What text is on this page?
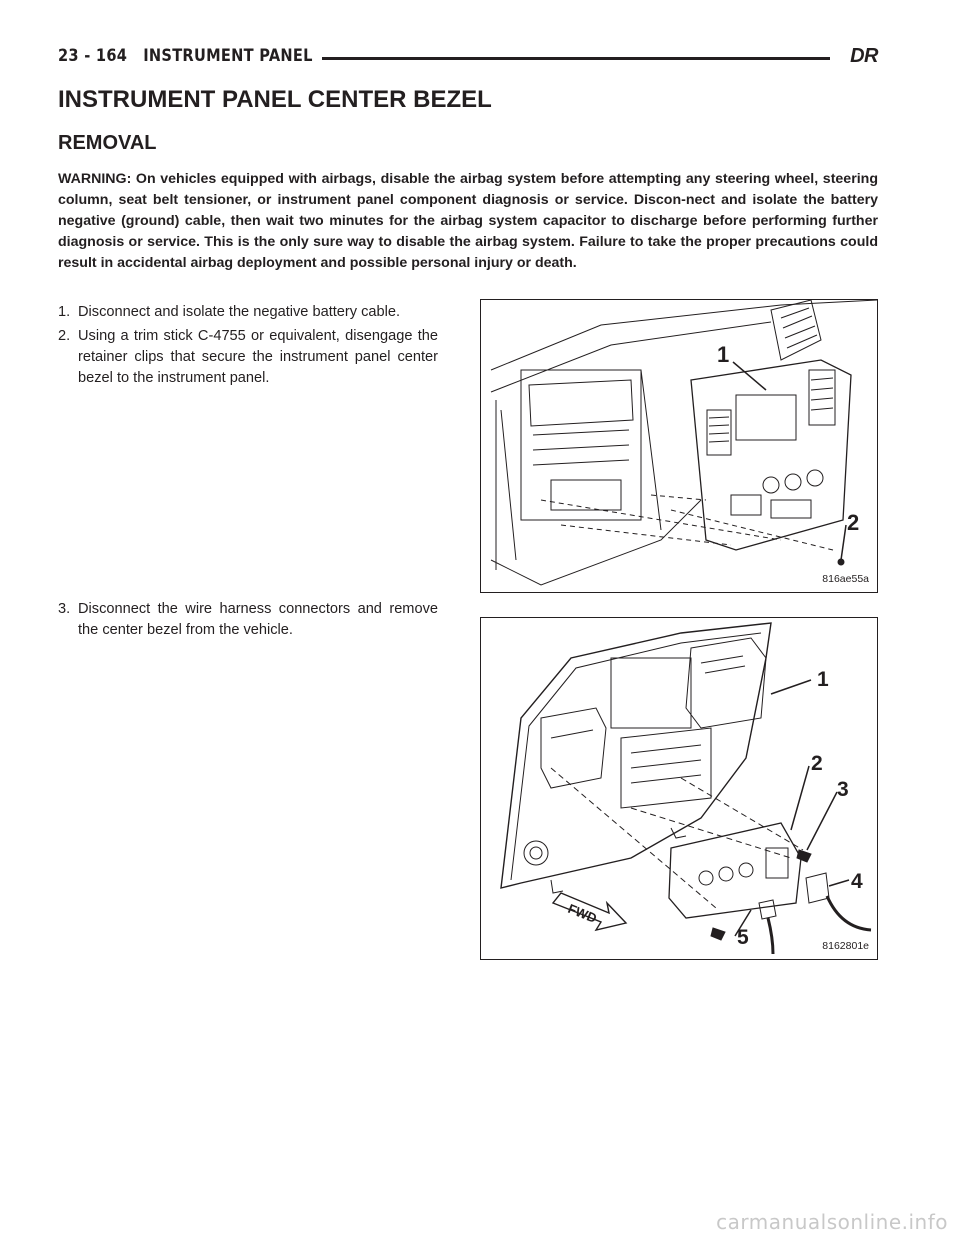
23 - 164 INSTRUMENT PANEL	DR
INSTRUMENT PANEL CENTER BEZEL
REMOVAL

WARNING: On vehicles equipped with airbags, disable the airbag system before attempting any steering wheel, steering column, seat belt tensioner, or instrument panel component diagnosis or service. Discon-nect and isolate the battery negative (ground) cable, then wait two minutes for the airbag system capacitor to discharge before performing further diagnosis or service. This is the only sure way to disable the airbag system. Failure to take the proper precautions could result in accidental airbag deployment and possible personal injury or death.

1. Disconnect and isolate the negative battery cable.
2. Using a trim stick C-4755 or equivalent, disengage the retainer clips that secure the instrument panel center bezel to the instrument panel.
3. Disconnect the wire harness connectors and remove the center bezel from the vehicle.
1
2
816ae55a
FWD
1
2
3
4
5	8162801e
carmanualsonline.info
